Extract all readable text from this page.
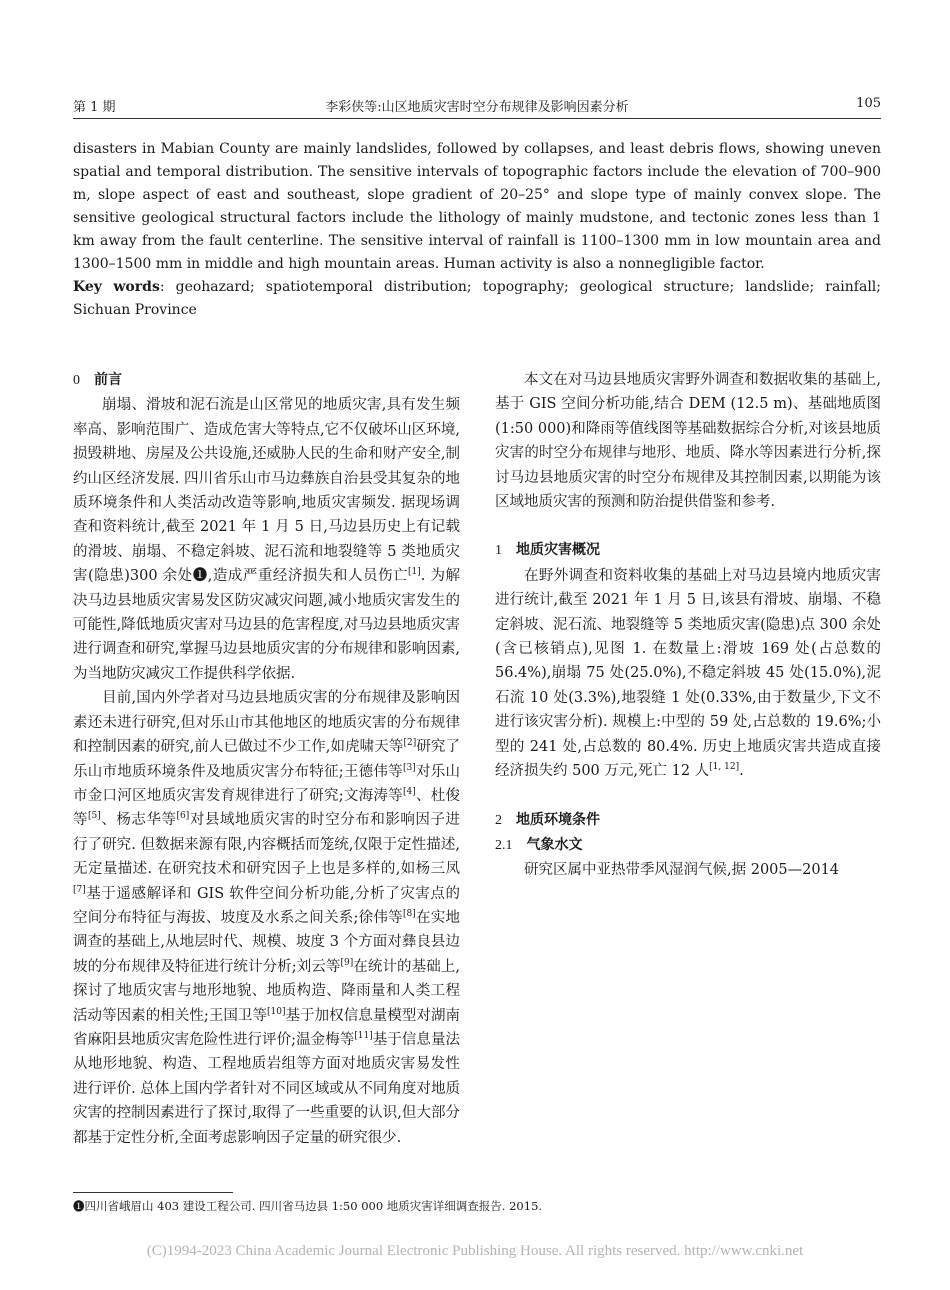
第 1 期	李彩侠等:山区地质灾害时空分布规律及影响因素分析	105

disasters in Mabian County are mainly landslides, followed by collapses, and least debris flows, showing uneven spatial and temporal distribution. The sensitive intervals of topographic factors include the elevation of 700–900 m, slope aspect of east and southeast, slope gradient of 20–25° and slope type of mainly convex slope. The sensitive geological structural factors include the lithology of mainly mudstone, and tectonic zones less than 1 km away from the fault centerline. The sensitive interval of rainfall is 1100–1300 mm in low mountain area and 1300–1500 mm in middle and high mountain areas. Human activity is also a nonnegligible factor.

Key words: geohazard; spatiotemporal distribution; topography; geological structure; landslide; rainfall; Sichuan Province

0 前言

崩塌、滑坡和泥石流是山区常见的地质灾害,具有发生频率高、影响范围广、造成危害大等特点,它不仅破坏山区环境,损毁耕地、房屋及公共设施,还威胁人民的生命和财产安全,制约山区经济发展. 四川省乐山市马边彝族自治县受其复杂的地质环境条件和人类活动改造等影响,地质灾害频发. 据现场调查和资料统计,截至 2021 年 1 月 5 日,马边县历史上有记载的滑坡、崩塌、不稳定斜坡、泥石流和地裂缝等 5 类地质灾害(隐患)300 余处❶,造成严重经济损失和人员伤亡[1]. 为解决马边县地质灾害易发区防灾减灾问题,减小地质灾害发生的可能性,降低地质灾害对马边县的危害程度,对马边县地质灾害进行调查和研究,掌握马边县地质灾害的分布规律和影响因素,为当地防灾减灾工作提供科学依据.

目前,国内外学者对马边县地质灾害的分布规律及影响因素还未进行研究,但对乐山市其他地区的地质灾害的分布规律和控制因素的研究,前人已做过不少工作,如虎啸天等[2]研究了乐山市地质环境条件及地质灾害分布特征;王德伟等[3]对乐山市金口河区地质灾害发育规律进行了研究;文海涛等[4]、杜俊等[5]、杨志华等[6]对县域地质灾害的时空分布和影响因子进行了研究. 但数据来源有限,内容概括而笼统,仅限于定性描述,无定量描述. 在研究技术和研究因子上也是多样的,如杨三凤[7]基于遥感解译和 GIS 软件空间分析功能,分析了灾害点的空间分布特征与海拔、坡度及水系之间关系;徐伟等[8]在实地调查的基础上,从地层时代、规模、坡度 3 个方面对彝良县边坡的分布规律及特征进行统计分析;刘云等[9]在统计的基础上,探讨了地质灾害与地形地貌、地质构造、降雨量和人类工程活动等因素的相关性;王国卫等[10]基于加权信息量模型对湖南省麻阳县地质灾害危险性进行评价;温金梅等[11]基于信息量法从地形地貌、构造、工程地质岩组等方面对地质灾害易发性进行评价. 总体上国内学者针对不同区域或从不同角度对地质灾害的控制因素进行了探讨,取得了一些重要的认识,但大部分都基于定性分析,全面考虑影响因子定量的研究很少.

本文在对马边县地质灾害野外调查和数据收集的基础上,基于 GIS 空间分析功能,结合 DEM (12.5 m)、基础地质图(1:50 000)和降雨等值线图等基础数据综合分析,对该县地质灾害的时空分布规律与地形、地质、降水等因素进行分析,探讨马边县地质灾害的时空分布规律及其控制因素,以期能为该区域地质灾害的预测和防治提供借鉴和参考.

1 地质灾害概况

在野外调查和资料收集的基础上对马边县境内地质灾害进行统计,截至 2021 年 1 月 5 日,该县有滑坡、崩塌、不稳定斜坡、泥石流、地裂缝等 5 类地质灾害(隐患)点 300 余处(含已核销点),见图 1. 在数量上:滑坡 169 处(占总数的 56.4%),崩塌 75 处(25.0%),不稳定斜坡 45 处(15.0%),泥石流 10 处(3.3%),地裂缝 1 处(0.33%,由于数量少,下文不进行该灾害分析). 规模上:中型的 59 处,占总数的 19.6%;小型的 241 处,占总数的 80.4%. 历史上地质灾害共造成直接经济损失约 500 万元,死亡 12 人[1, 12].

2 地质环境条件

2.1 气象水文

研究区属中亚热带季风湿润气候,据 2005—2014

❶四川省峨眉山 403 建设工程公司. 四川省马边县 1:50 000 地质灾害详细调查报告. 2015.
(C)1994-2023 China Academic Journal Electronic Publishing House. All rights reserved. http://www.cnki.net
